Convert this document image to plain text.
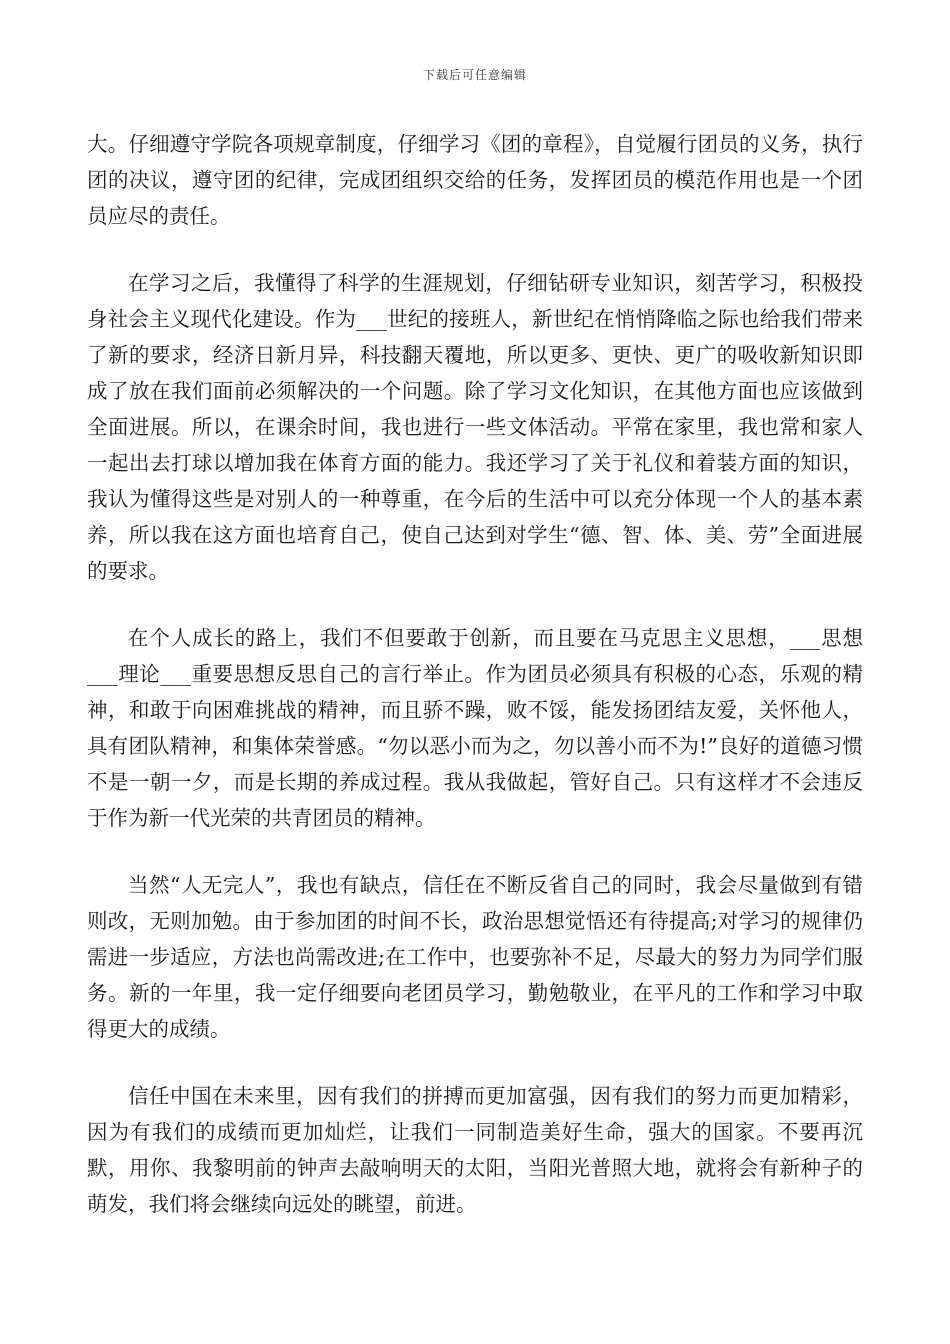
下载后可任意编辑

大。仔细遵守学院各项规章制度，仔细学习《团的章程》，自觉履行团员的义务，执行团的决议，遵守团的纪律，完成团组织交给的任务，发挥团员的模范作用也是一个团员应尽的责任。

在学习之后，我懂得了科学的生涯规划，仔细钻研专业知识，刻苦学习，积极投身社会主义现代化建设。作为___世纪的接班人，新世纪在悄悄降临之际也给我们带来了新的要求，经济日新月异，科技翻天覆地，所以更多、更快、更广的吸收新知识即成了放在我们面前必须解决的一个问题。除了学习文化知识，在其他方面也应该做到全面进展。所以，在课余时间，我也进行一些文体活动。平常在家里，我也常和家人一起出去打球以增加我在体育方面的能力。我还学习了关于礼仪和着装方面的知识，我认为懂得这些是对别人的一种尊重，在今后的生活中可以充分体现一个人的基本素养，所以我在这方面也培育自己，使自己达到对学生“德、智、体、美、劳”全面进展的要求。

在个人成长的路上，我们不但要敢于创新，而且要在马克思主义思想，___思想___理论___重要思想反思自己的言行举止。作为团员必须具有积极的心态，乐观的精神，和敢于向困难挑战的精神，而且骄不躁，败不馁，能发扬团结友爱，关怀他人，具有团队精神，和集体荣誉感。“勿以恶小而为之，勿以善小而不为!”良好的道德习惯不是一朝一夕，而是长期的养成过程。我从我做起，管好自己。只有这样才不会违反于作为新一代光荣的共青团员的精神。

当然“人无完人”，我也有缺点，信任在不断反省自己的同时，我会尽量做到有错则改，无则加勉。由于参加团的时间不长，政治思想觉悟还有待提高;对学习的规律仍需进一步适应，方法也尚需改进;在工作中，也要弥补不足，尽最大的努力为同学们服务。新的一年里，我一定仔细要向老团员学习，勤勉敬业，在平凡的工作和学习中取得更大的成绩。

信任中国在未来里，因有我们的拼搏而更加富强，因有我们的努力而更加精彩，因为有我们的成绩而更加灿烂，让我们一同制造美好生命，强大的国家。不要再沉默，用你、我黎明前的钟声去敲响明天的太阳，当阳光普照大地，就将会有新种子的萌发，我们将会继续向远处的眺望，前进。
